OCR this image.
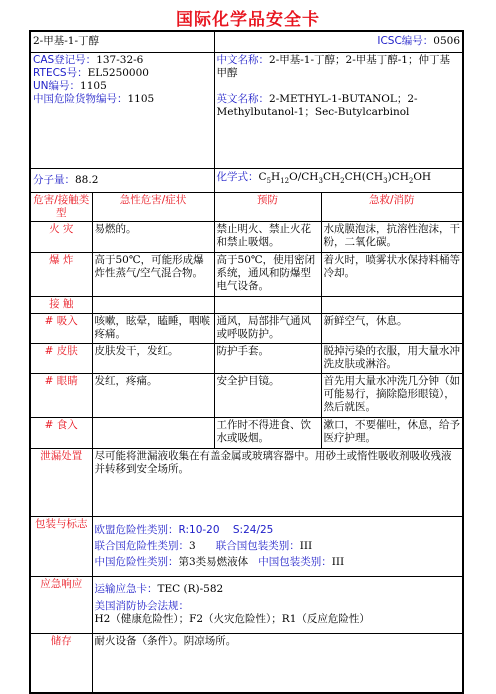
国际化学品安全卡
2-甲基-1-丁醇		ICSC编号：0506	

CAS登记号：137-32-6
RTECS号：EL5250000
UN编号：1105
中国危险货物编号：1105		中文名称：2-甲基-1-丁醇；2-甲基丁醇-1；仲丁基甲醇
英文名称：2-METHYL-1-BUTANOL；2-Methylbutanol-1；Sec-Butylcarbinol	

分子量：88.2		化学式：$C_5H_{12}O/CH_3CH_2CH(CH_3)CH_2OH$	
危害/接触类型	急性危害/症状	预防	急救/消防
火 灾	易燃的。	禁止明火、禁止火花和禁止吸烟。	水成膜泡沫，抗溶性泡沫，干粉，二氧化碳。
爆 炸	高于50℃，可能形成爆炸性蒸气/空气混合物。	高于50℃，使用密闭系统，通风和防爆型电气设备。	着火时，喷雾状水保持料桶等冷却。
接 触			
# 吸入	咳嗽，眩晕，瞌睡，咽喉疼痛。	通风，局部排气通风或呼吸防护。	新鲜空气，休息。
# 皮肤	皮肤发干，发红。	防护手套。	脱掉污染的衣服，用大量水冲洗皮肤或淋浴。
# 眼睛	发红，疼痛。	安全护目镜。	首先用大量水冲洗几分钟（如可能易行，摘除隐形眼镜），然后就医。
# 食入		工作时不得进食、饮水或吸烟。	漱口，不要催吐，休息，给予医疗护理。
泄漏处置	尽可能将泄漏液收集在有盖金属或玻璃容器中。用砂土或惰性吸收剂吸收残液并转移到安全场所。		
包装与标志	欧盟危险性类别：R:10-20 S:24/25
联合国危险性类别：3 联合国包装类别：III
中国危险性类别：第3类易燃液体 中国包装类别：III		

应急响应	运输应急卡：TEC (R)-582
美国消防协会法规：H2（健康危险性）；F2（火灾危险性）；R1（反应危险性）		

储存	耐火设备（条件）。阴凉场所。		
